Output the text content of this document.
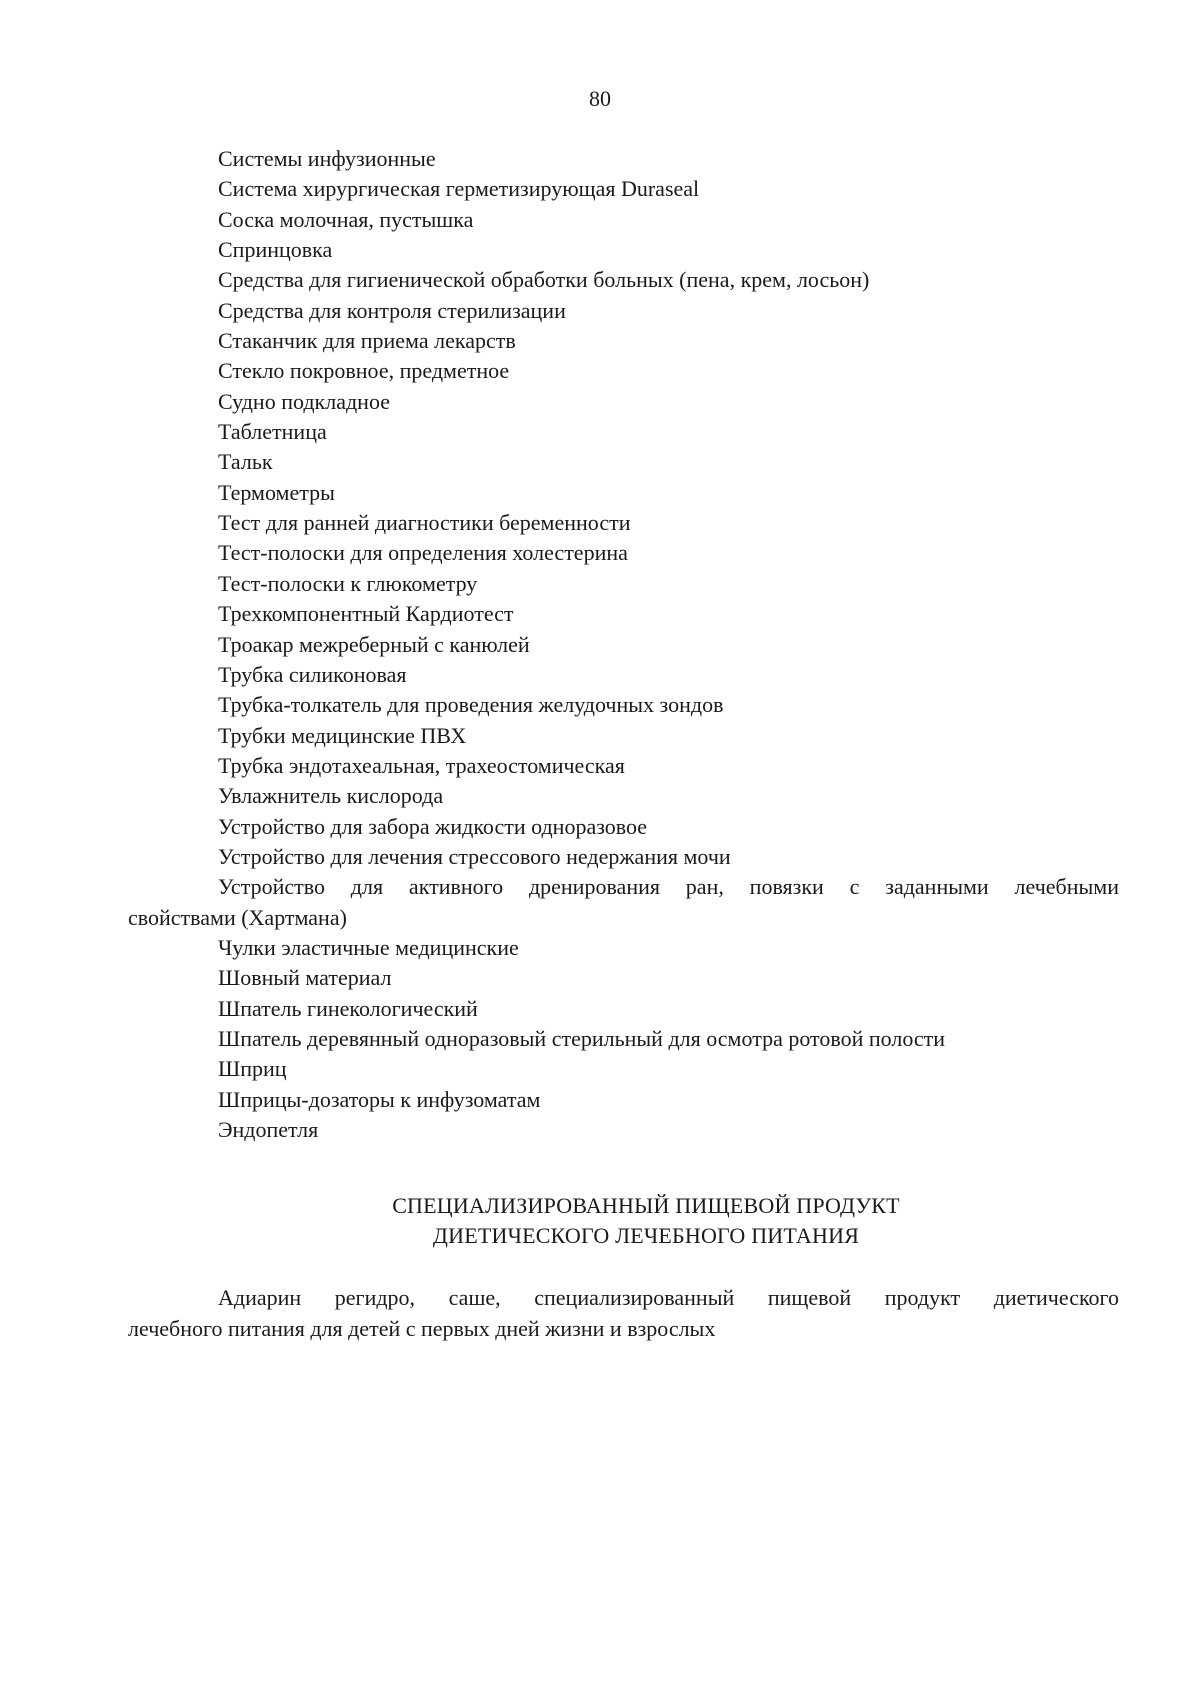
80

Системы инфузионные

Система хирургическая герметизирующая Duraseal

Соска молочная, пустышка

Спринцовка

Средства для гигиенической обработки больных (пена, крем, лосьон)

Средства для контроля стерилизации

Стаканчик для приема лекарств

Стекло покровное, предметное

Судно подкладное

Таблетница

Тальк

Термометры

Тест для ранней диагностики беременности

Тест-полоски для определения холестерина

Тест-полоски к глюкометру

Трехкомпонентный Кардиотест

Троакар межреберный с канюлей

Трубка силиконовая

Трубка-толкатель для проведения желудочных зондов

Трубки медицинские ПВХ

Трубка эндотахеальная, трахеостомическая

Увлажнитель кислорода

Устройство для забора жидкости одноразовое

Устройство для лечения стрессового недержания мочи

Устройство для активного дренирования ран, повязки с заданными лечебными
свойствами (Хартмана)

Чулки эластичные медицинские

Шовный материал

Шпатель гинекологический

Шпатель деревянный одноразовый стерильный для осмотра ротовой полости

Шприц

Шприцы-дозаторы к инфузоматам

Эндопетля

СПЕЦИАЛИЗИРОВАННЫЙ ПИЩЕВОЙ ПРОДУКТ
ДИЕТИЧЕСКОГО ЛЕЧЕБНОГО ПИТАНИЯ

Адиарин регидро, саше, специализированный пищевой продукт диетического
лечебного питания для детей с первых дней жизни и взрослых
